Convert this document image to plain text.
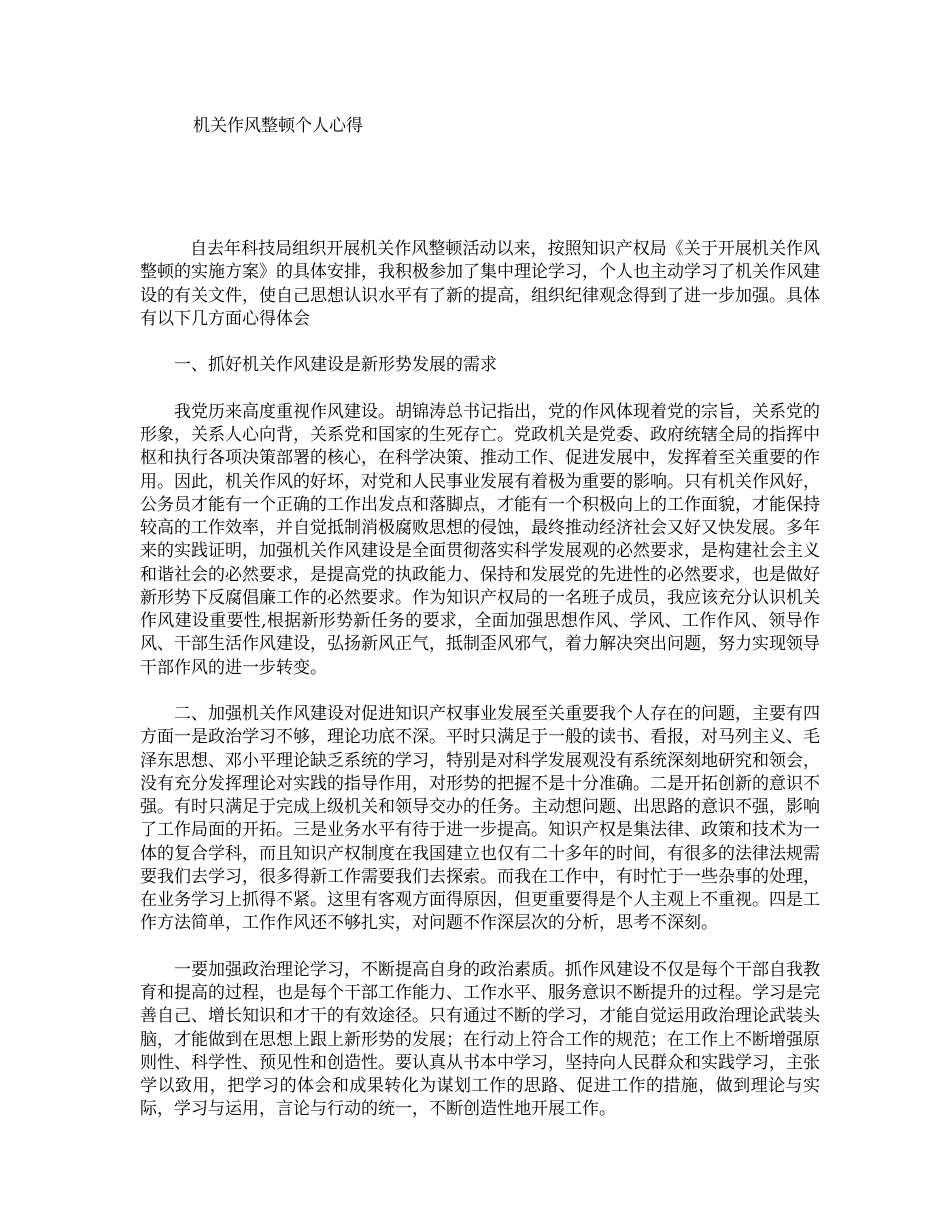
机关作风整顿个人心得

自去年科技局组织开展机关作风整顿活动以来，按照知识产权局《关于开展机关作风整顿的实施方案》的具体安排，我积极参加了集中理论学习，个人也主动学习了机关作风建设的有关文件，使自己思想认识水平有了新的提高，组织纪律观念得到了进一步加强。具体有以下几方面心得体会

一、抓好机关作风建设是新形势发展的需求

我党历来高度重视作风建设。胡锦涛总书记指出，党的作风体现着党的宗旨，关系党的形象，关系人心向背，关系党和国家的生死存亡。党政机关是党委、政府统辖全局的指挥中枢和执行各项决策部署的核心，在科学决策、推动工作、促进发展中，发挥着至关重要的作用。因此，机关作风的好坏，对党和人民事业发展有着极为重要的影响。只有机关作风好，公务员才能有一个正确的工作出发点和落脚点，才能有一个积极向上的工作面貌，才能保持较高的工作效率，并自觉抵制消极腐败思想的侵蚀，最终推动经济社会又好又快发展。多年来的实践证明，加强机关作风建设是全面贯彻落实科学发展观的必然要求，是构建社会主义和谐社会的必然要求，是提高党的执政能力、保持和发展党的先进性的必然要求，也是做好新形势下反腐倡廉工作的必然要求。作为知识产权局的一名班子成员，我应该充分认识机关作风建设重要性,根据新形势新任务的要求，全面加强思想作风、学风、工作作风、领导作风、干部生活作风建设，弘扬新风正气，抵制歪风邪气，着力解决突出问题，努力实现领导干部作风的进一步转变。

二、加强机关作风建设对促进知识产权事业发展至关重要我个人存在的问题，主要有四方面一是政治学习不够，理论功底不深。平时只满足于一般的读书、看报，对马列主义、毛泽东思想、邓小平理论缺乏系统的学习，特别是对科学发展观没有系统深刻地研究和领会，没有充分发挥理论对实践的指导作用，对形势的把握不是十分准确。二是开拓创新的意识不强。有时只满足于完成上级机关和领导交办的任务。主动想问题、出思路的意识不强，影响了工作局面的开拓。三是业务水平有待于进一步提高。知识产权是集法律、政策和技术为一体的复合学科，而且知识产权制度在我国建立也仅有二十多年的时间，有很多的法律法规需要我们去学习，很多得新工作需要我们去探索。而我在工作中，有时忙于一些杂事的处理，在业务学习上抓得不紧。这里有客观方面得原因，但更重要得是个人主观上不重视。四是工作方法简单，工作作风还不够扎实，对问题不作深层次的分析，思考不深刻。

一要加强政治理论学习，不断提高自身的政治素质。抓作风建设不仅是每个干部自我教育和提高的过程，也是每个干部工作能力、工作水平、服务意识不断提升的过程。学习是完善自己、增长知识和才干的有效途径。只有通过不断的学习，才能自觉运用政治理论武装头脑，才能做到在思想上跟上新形势的发展；在行动上符合工作的规范；在工作上不断增强原则性、科学性、预见性和创造性。要认真从书本中学习，坚持向人民群众和实践学习，主张学以致用，把学习的体会和成果转化为谋划工作的思路、促进工作的措施，做到理论与实际，学习与运用，言论与行动的统一，不断创造性地开展工作。
